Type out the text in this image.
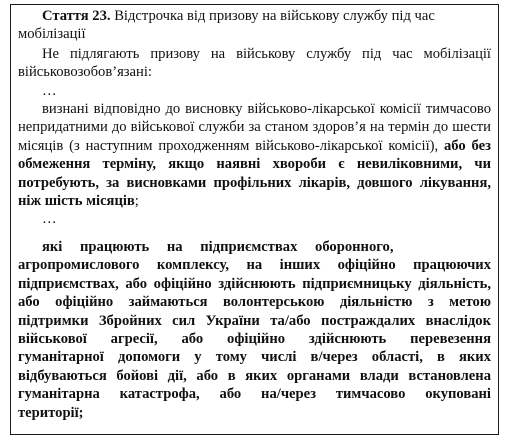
Стаття 23. Відстрочка від призову на військову службу під час мобілізації

Не підлягають призову на військову службу під час мобілізації військовозобов’язані:

…

визнані відповідно до висновку військово-лікарської комісії тимчасово непридатними до військової служби за станом здоров’я на термін до шести місяців (з наступним проходженням військово-лікарської комісії), або без обмеження терміну, якщо наявні хвороби є невиліковними, чи потребують, за висновками профільних лікарів, довшого лікування, ніж шість місяців;

…

які працюють на підприємствах оборонного,

агропромислового комплексу, на інших офіційно працюючих підприємствах, або офіційно здійснюють підприємницьку діяльність, або офіційно займаються волонтерською діяльністю з метою підтримки Збройних сил України та/або постраждалих внаслідок військової агресії, або офіційно здійснюють перевезення гуманітарної допомоги у тому числі в/через області, в яких відбуваються бойові дії, або в яких органами влади встановлена гуманітарна катастрофа, або на/через тимчасово окуповані території;
